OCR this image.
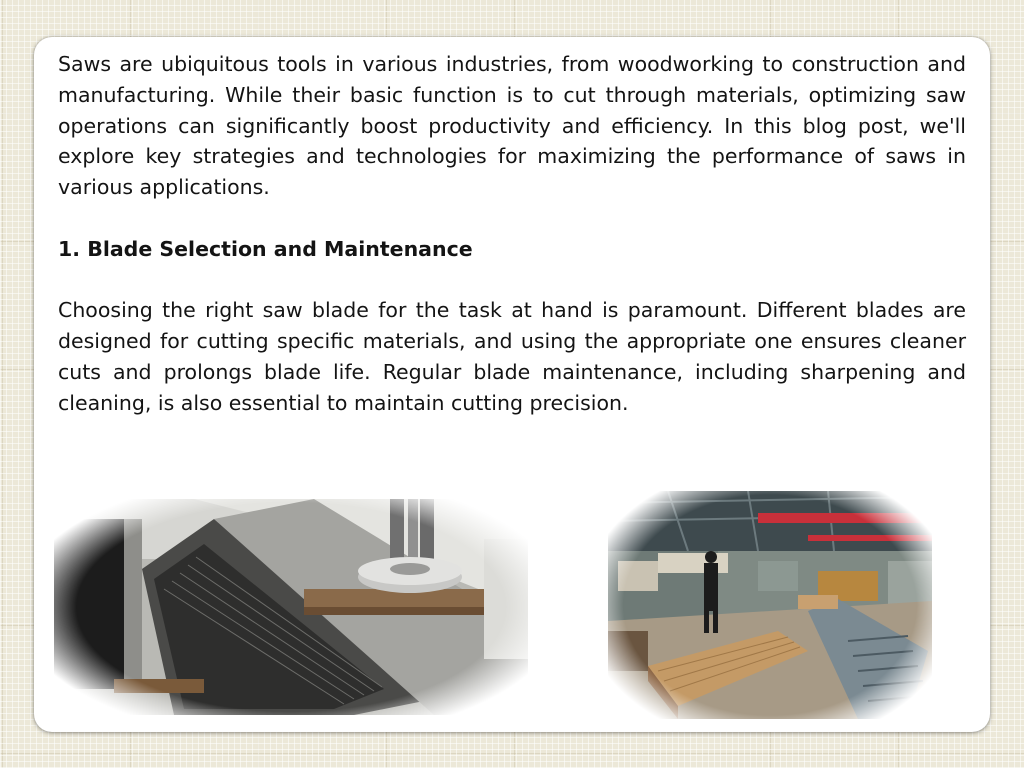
Saws are ubiquitous tools in various industries, from woodworking to construction and manufacturing. While their basic function is to cut through materials, optimizing saw operations can significantly boost productivity and efficiency. In this blog post, we'll explore key strategies and technologies for maximizing the performance of saws in various applications.

1. Blade Selection and Maintenance

Choosing the right saw blade for the task at hand is paramount. Different blades are designed for cutting specific materials, and using the appropriate one ensures cleaner cuts and prolongs blade life. Regular blade maintenance, including sharpening and cleaning, is also essential to maintain cutting precision.
